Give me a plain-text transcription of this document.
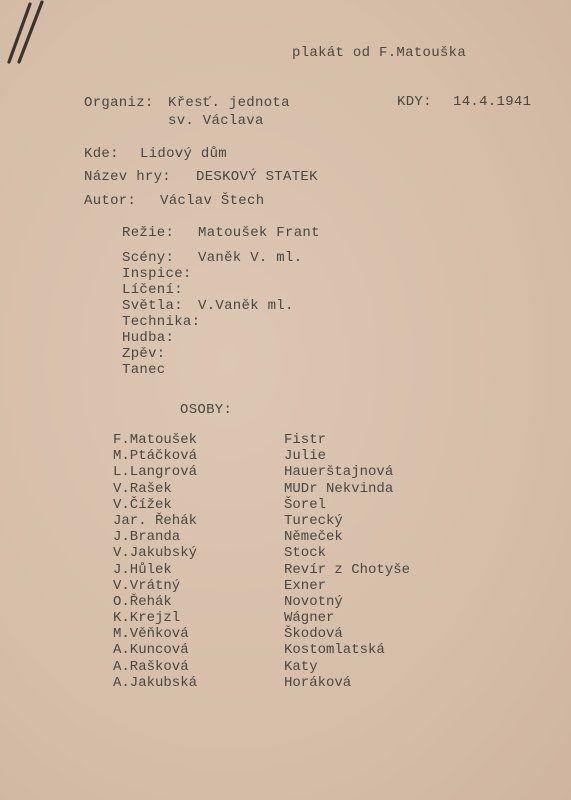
plakát od F.Matouška
Organiz: Křesť. jednota
sv. Václava
KDY: 14.4.1941
Kde: Lidový dům
Název hry: DESKOVÝ STATEK
Autor: Václav Štech
Režie: Matoušek Frant
Scény: Vaněk V. ml.
Inspice:
Líčení:
Světla: V.Vaněk ml.
Technika:
Hudba:
Zpěv:
Tanec
OSOBY:
F.Matoušek	Fistr
M.Ptáčková	Julie
L.Langrová	Hauerštajnová
V.Rašek	MUDr Nekvinda
V.Čížek	Šorel
Jar. Řehák	Turecký
J.Branda	Němeček
V.Jakubský	Stock
J.Hůlek	Revír z Chotyše
V.Vrátný	Exner
O.Řehák	Novotný
K.Krejzl	Wágner
M.Věňková	Škodová
A.Kuncová	Kostomlatská
A.Rašková	Katy
A.Jakubská	Horáková
